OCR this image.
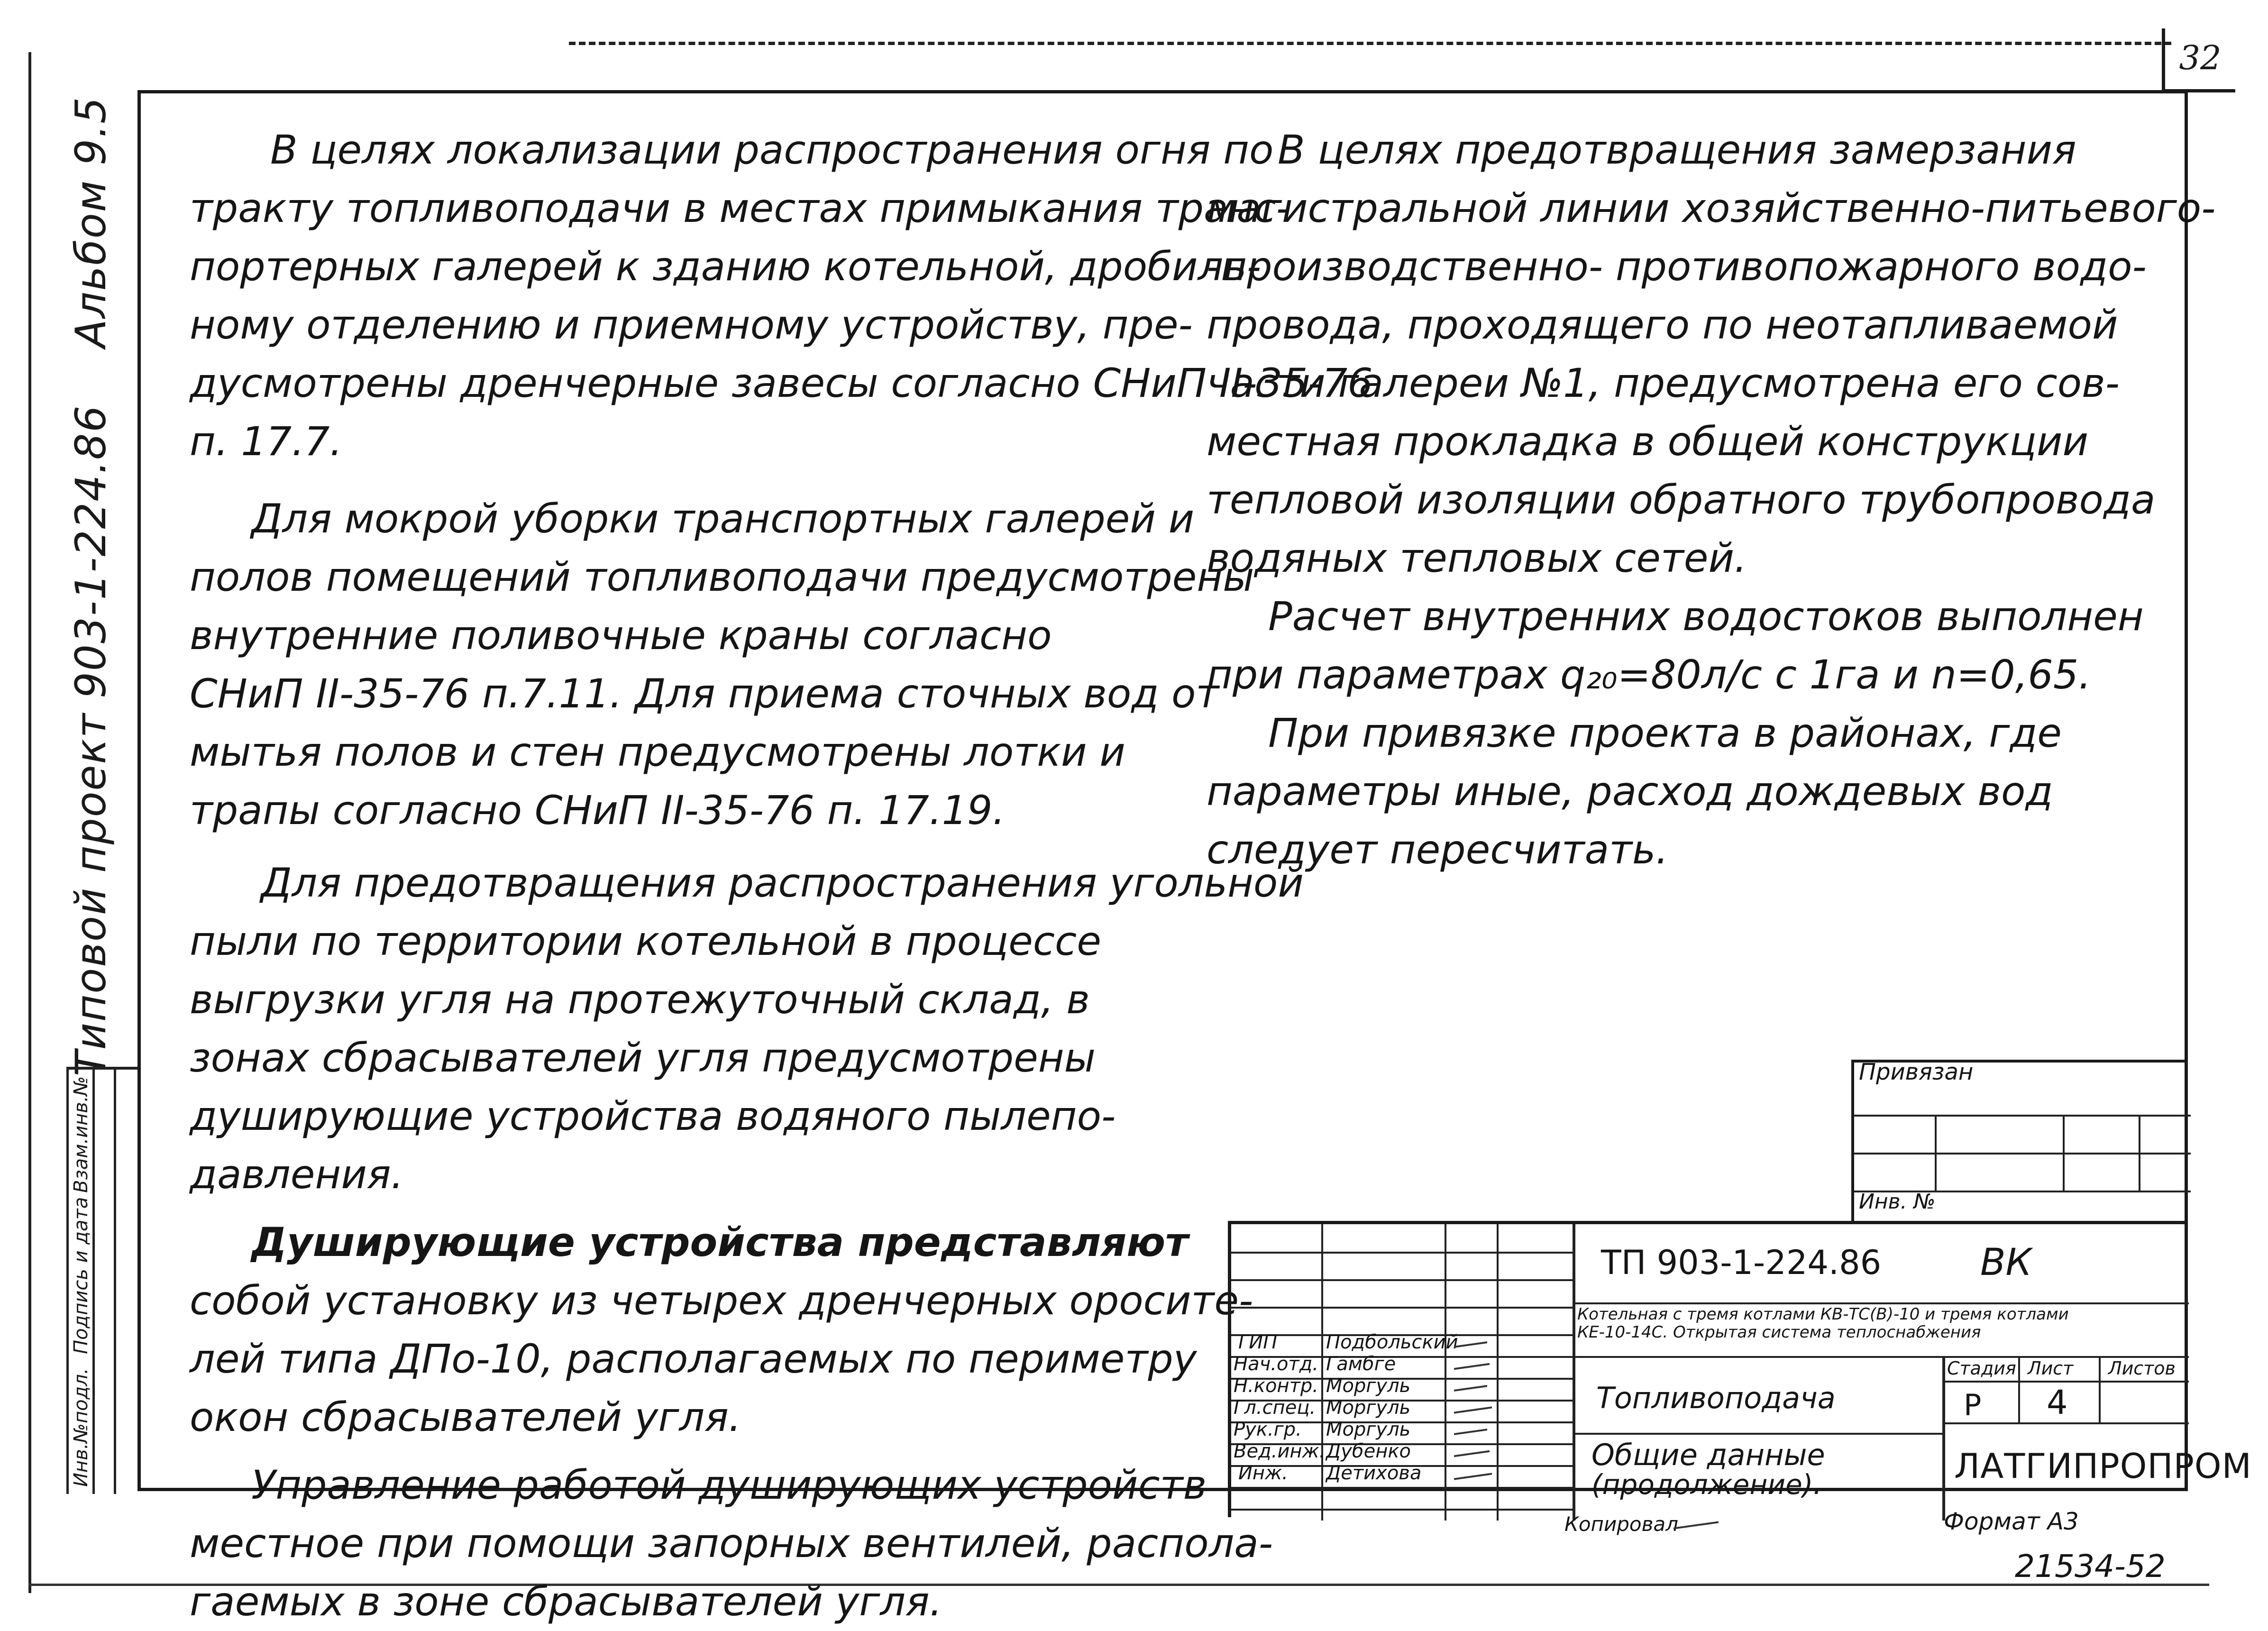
32
Типовой проект 903-1-224.86Альбом 9.5
Инв.№подл.
Подпись и дата
Взам.инв.№
В целях локализации распространения огня по
тракту топливоподачи в местах примыкания транс-
портерных галерей к зданию котельной, дробиль-
ному отделению и приемному устройству, пре-
дусмотрены дренчерные завесы согласно СНиП II-35-76
п. 17.7.
Для мокрой уборки транспортных галерей и
полов помещений топливоподачи предусмотрены
внутренние поливочные краны согласно
СНиП II-35-76 п.7.11. Для приема сточных вод от
мытья полов и стен предусмотрены лотки и
трапы согласно СНиП II-35-76 п. 17.19.
Для предотвращения распространения угольной
пыли по территории котельной в процессе
выгрузки угля на протежуточный склад, в
зонах сбрасывателей угля предусмотрены
душирующие устройства водяного пылепо-
давления.
Душирующие устройства представляют
собой установку из четырех дренчерных оросите-
лей типа ДПо-10, располагаемых по периметру
окон сбрасывателей угля.
Управление работой душирующих устройств
местное при помощи запорных вентилей, распола-
гаемых в зоне сбрасывателей угля.
В целях предотвращения замерзания
магистральной линии хозяйственно-питьевого-
-производственно- противопожарного водо-
провода, проходящего по неотапливаемой
части галереи №1, предусмотрена его сов-
местная прокладка в общей конструкции
тепловой изоляции обратного трубопровода
водяных тепловых сетей.
Расчет внутренних водостоков выполнен
при параметрах q₂₀=80л/с с 1га и n=0,65.
При привязке проекта в районах, где
параметры иные, расход дождевых вод
следует пересчитать.
Привязан
Инв. №
ГИП	Подбольский
Нач.отд. Гамбге
Н.контр. Моргуль
Гл.спец. Моргуль
Рук.гр. Моргуль
Вед.инж. Дубенко
Инж. Детихова
ТП 903-1-224.86	ВК
Котельная с тремя котлами КВ-ТС(В)-10 и тремя котлами
КЕ-10-14С. Открытая система теплоснабжения
Топливоподача
Общие данные
(продолжение).
Стадия Лист Листов
Р 4
ЛАТГИПРОПРОМ
Копировал	Формат А3
21534-52
